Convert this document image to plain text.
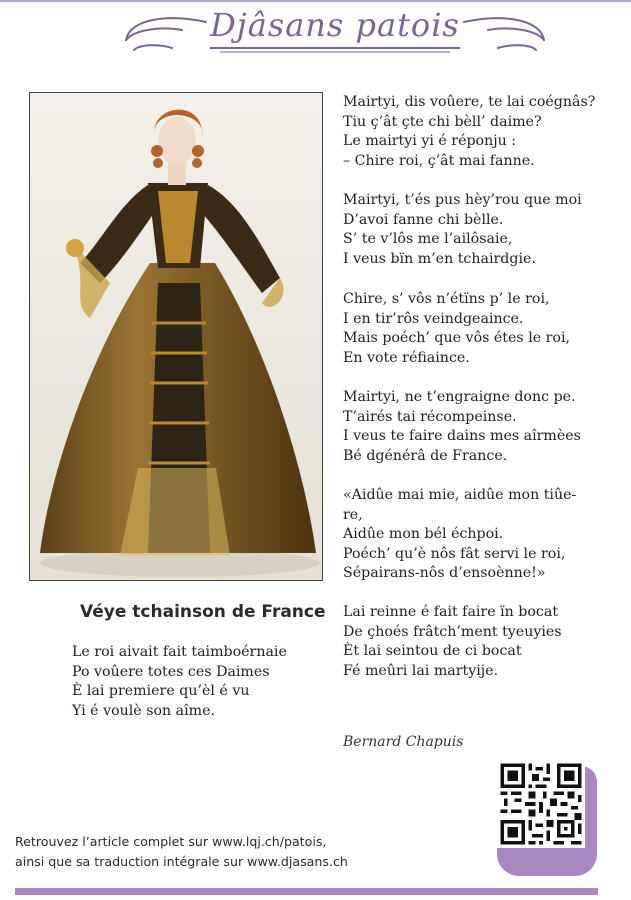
Djâsans patois
Véye tchainson de France
Le roi aivait fait taimboérnaie
Po voûere totes ces Daimes
È lai premiere qu’èl é vu
Yi é voulè son aîme.
Mairtyi, dis voûere, te lai coégnâs?
Tiu ç’ât çte chi bèll’ daime?
Le mairtyi yi é réponju :
– Chire roi, ç’ât mai fanne.
Mairtyi, t’és pus hèy’rou que moi
D’avoi fanne chi bèlle.
S’ te v’lôs me l’ailôsaie,
I veus bïn m’en tchairdgie.
Chire, s’ vôs n’étïns p’ le roi,
I en tir’rôs veindgeaince.
Mais poéch’ que vôs étes le roi,
En vote réfiaince.
Mairtyi, ne t’engraigne donc pe.
T’airés tai récompeinse.
I veus te faire dains mes aîrmèes
Bé dgénérâ de France.
«Aidûe mai mie, aidûe mon tiûe-
re,
Aidûe mon bél échpoi.
Poéch’ qu’è nôs fât servi le roi,
Sépairans-nôs d’ensoènne!»
Lai reinne é fait faire ïn bocat
De çhoés frâtch’ment tyeuyies
Èt lai seintou de ci bocat
Fé meûri lai martyije.
Bernard Chapuis
Retrouvez l’article complet sur www.lqj.ch/patois,
ainsi que sa traduction intégrale sur www.djasans.ch
